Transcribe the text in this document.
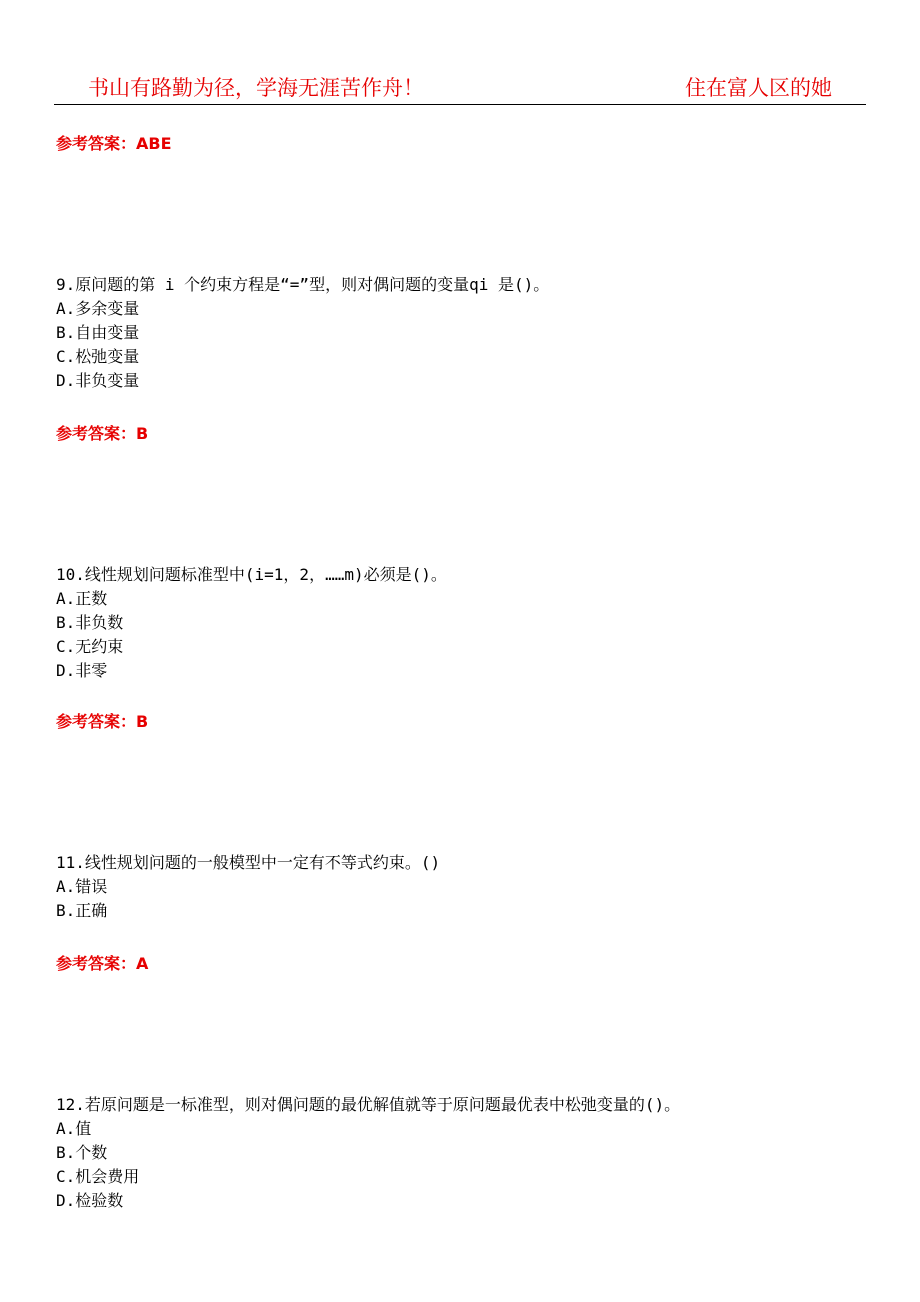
书山有路勤为径，学海无涯苦作舟！	住在富人区的她
参考答案：ABE
9.原问题的第 i 个约束方程是“=”型，则对偶问题的变量qi 是()。
A.多余变量
B.自由变量
C.松弛变量
D.非负变量
参考答案：B
10.线性规划问题标准型中(i=1，2，……m)必须是()。
A.正数
B.非负数
C.无约束
D.非零
参考答案：B
11.线性规划问题的一般模型中一定有不等式约束。()
A.错误
B.正确
参考答案：A
12.若原问题是一标准型，则对偶问题的最优解值就等于原问题最优表中松弛变量的()。
A.值
B.个数
C.机会费用
D.检验数
